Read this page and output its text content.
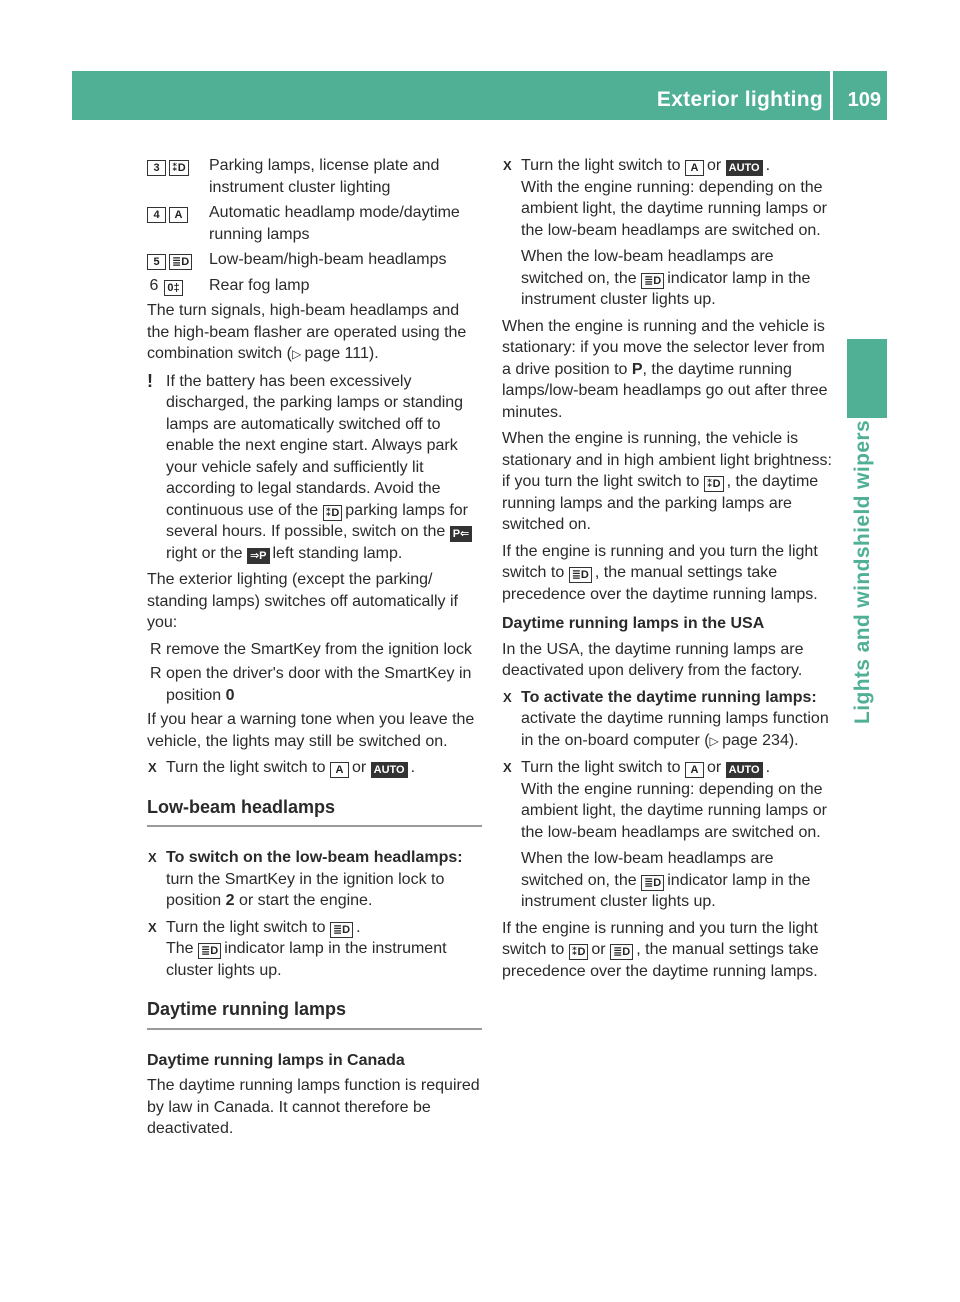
Exterior lighting 109
Lights and windshield wipers
3 ⁑D	Parking lamps, license plate and instrument cluster lighting
4 A	Automatic headlamp mode/daytime running lamps
5 ≣D	Low-beam/high-beam headlamps
6 0‡	Rear fog lamp

The turn signals, high-beam headlamps and the high-beam flasher are operated using the combination switch (▷ page 111).

! If the battery has been excessively discharged, the parking lamps or standing lamps are automatically switched off to enable the next engine start. Always park your vehicle safely and sufficiently lit according to legal standards. Avoid the continuous use of the ⁑D parking lamps for several hours. If possible, switch on the P⇐right or the ⇒P left standing lamp.

The exterior lighting (except the parking/ standing lamps) switches off automatically if you:

R remove the SmartKey from the ignition lock
R open the driver's door with the SmartKey in position 0

If you hear a warning tone when you leave the vehicle, the lights may still be switched on.

X Turn the light switch to A or AUTO .
Low-beam headlamps
X To switch on the low-beam headlamps: turn the SmartKey in the ignition lock to position 2 or start the engine.
X Turn the light switch to ≣D .
The ≣D indicator lamp in the instrument cluster lights up.
Daytime running lamps
Daytime running lamps in Canada

The daytime running lamps function is required by law in Canada. It cannot therefore be deactivated.

X Turn the light switch to A or AUTO .
With the engine running: depending on the ambient light, the daytime running lamps or the low-beam headlamps are switched on.

When the low-beam headlamps are switched on, the ≣D indicator lamp in the instrument cluster lights up.

When the engine is running and the vehicle is stationary: if you move the selector lever from a drive position to P, the daytime running lamps/low-beam headlamps go out after three minutes.

When the engine is running, the vehicle is stationary and in high ambient light brightness: if you turn the light switch to ⁑D , the daytime running lamps and the parking lamps are switched on.

If the engine is running and you turn the light switch to ≣D , the manual settings take precedence over the daytime running lamps.

Daytime running lamps in the USA

In the USA, the daytime running lamps are deactivated upon delivery from the factory.

X To activate the daytime running lamps: activate the daytime running lamps function in the on-board computer (▷ page 234).
X Turn the light switch to A or AUTO .
With the engine running: depending on the ambient light, the daytime running lamps or the low-beam headlamps are switched on.

When the low-beam headlamps are switched on, the ≣D indicator lamp in the instrument cluster lights up.

If the engine is running and you turn the light switch to ⁑D or ≣D , the manual settings take precedence over the daytime running lamps.
